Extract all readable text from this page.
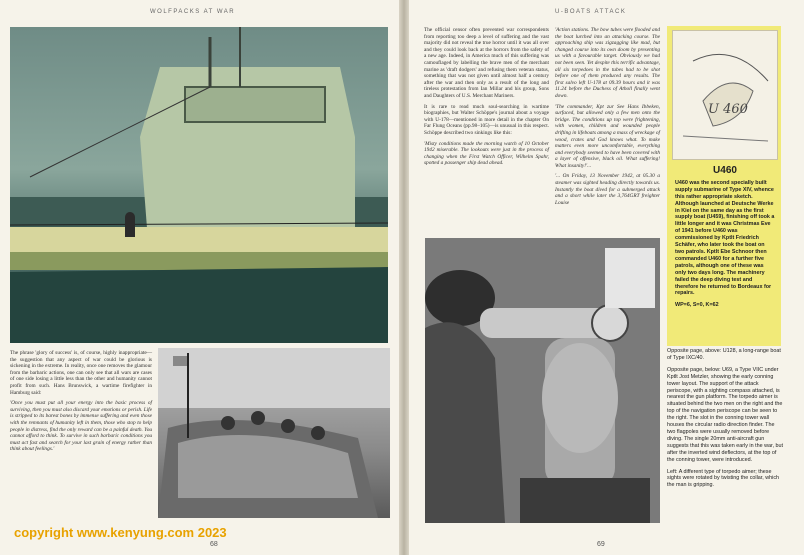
WOLFPACKS AT WAR	U-BOATS ATTACK

The phrase 'glory of success' is, of course, highly inappropriate—the suggestion that any aspect of war could be glorious is sickening in the extreme. In reality, once one removes the glamour from the barbaric actions, one can only see that all wars are cases of one side losing a little less than the other and humanity cannot profit from such. Hans Brunswick, a wartime firefighter in Hamburg said:

'Once you must put all your energy into the basic process of surviving, then you must also discard your emotions or perish. Life is stripped to its barest bones by immense suffering and even those with the remnants of humanity left in them, those who stop to help people in distress, find the only reward can be a painful death. You cannot afford to think. To survive in such barbaric conditions you must act fast and search for your last grain of energy rather than think about feelings.'

The official censor often prevented war correspondents from reporting too deep a level of suffering and the vast majority did not reveal the true horror until it was all over and they could look back at the horrors from the safety of a new age. Indeed, in America much of this suffering was camouflaged by labelling the brave men of the merchant marine as 'draft dodgers' and refusing them veteran status, something that was not given until almost half a century after the war and then only as a result of the long and tireless protestation from Ian Millar and his group, Sons and Daughters of U.S. Merchant Mariners.

It is rare to read much soul-searching in wartime biographies, but Walter Schöppe's journal about a voyage with U-178—mentioned in more detail in the chapter On Far Flung Oceans (pp.98–105)—is unusual in this respect. Schöppe described two sinkings like this:

'Misty conditions made the morning watch of 10 October 1942 miserable. The lookouts were just in the process of changing when the First Watch Officer, Wilhelm Spahr, spotted a passenger ship dead ahead.

'Action stations. The bow tubes were flooded and the boat lurched into an attacking course. The approaching ship was zigzagging like mad, but changed course into its own doom by presenting us with a favourable target. Obviously we had not been seen. Yet despite this terrific advantage, all six torpedoes in the tubes had to be shot before one of them produced any results. The first salvo left U-178 at 09.39 hours and it was 11.24 before the Duchess of Atholl finally went down.

'The commander, Kpt zur See Hans Ibbeken, surfaced, but allowed only a few men onto the bridge. The conditions up top were frightening, with women, children and wounded people drifting in lifeboats among a mass of wreckage of wood, crates and God knows what. To make matters even more uncomfortable, everything and everybody seemed to have been covered with a layer of offensive, black oil. What suffering! What insanity!'...

'... On Friday, 13 November 1942, at 05.30 a steamer was sighted heading directly towards us. Instantly the boat dived for a submerged attack and a short while later the 3,764GRT freighter Louise

U 460
U460

U460 was the second specially built supply submarine of Type XIV, whence this rather appropriate sketch. Although launched at Deutsche Werke in Kiel on the same day as the first supply boat (U459), finishing off took a little longer and it was Christmas Eve of 1941 before U460 was commissioned by Kptlt Friedrich Schäfer, who later took the boat on two patrols. Kptlt Ebe Schnoor then commanded U460 for a further five patrols, although one of these was only two days long. The machinery failed the deep diving test and therefore he returned to Bordeaux for repairs.

WP=6, S=0, K=62

Opposite page, above: U128, a long-range boat of Type IXC/40.

Opposite page, below: U69, a Type VIIC under Kptlt Jost Metzler, showing the early conning tower layout. The support of the attack periscope, with a sighting compass attached, is nearest the gun platform. The torpedo aimer is situated behind the two men on the right and the top of the navigation periscope can be seen to the right. The slot in the conning tower wall houses the circular radio direction finder. The two flagpoles were usually removed before diving. The single 20mm anti-aircraft gun suggests that this was taken early in the war, but after the inverted wind deflectors, at the top of the conning tower, were introduced.

Left: A different type of torpedo aimer; these sights were rotated by twisting the collar, which the man is gripping.

68	69
copyright www.kenyung.com 2023
